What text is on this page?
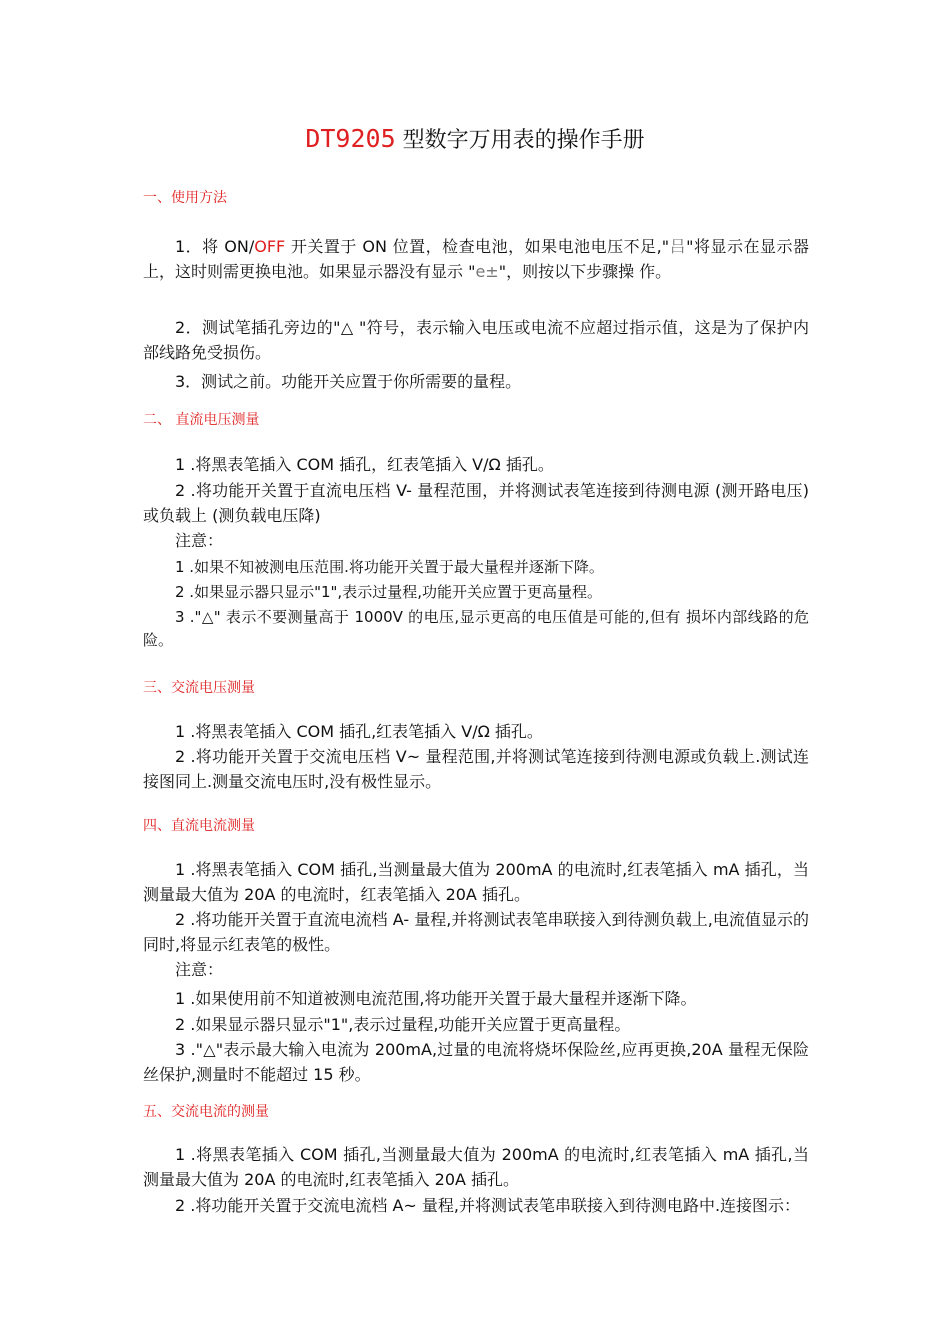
DT9205 型数字万用表的操作手册
一、使用方法
1．将 ON/OFF 开关置于 ON 位置，检查电池，如果电池电压不足,"吕"将显示在显示器上，这时则需更换电池。如果显示器没有显示 "e±"，则按以下步骤操 作。
2．测试笔插孔旁边的"△ "符号，表示输入电压或电流不应超过指示值，这是为了保护内部线路免受损伤。
3．测试之前。功能开关应置于你所需要的量程。
二、 直流电压测量
1 .将黑表笔插入 COM 插孔，红表笔插入 V/Ω 插孔。
2 .将功能开关置于直流电压档 V- 量程范围，并将测试表笔连接到待测电源 (测开路电压) 或负载上 (测负载电压降)
注意：
1 .如果不知被测电压范围.将功能开关置于最大量程并逐渐下降。
2 .如果显示器只显示"1",表示过量程,功能开关应置于更高量程。
3 ."△" 表示不要测量高于 1000V 的电压,显示更高的电压值是可能的,但有 损坏内部线路的危险。
三、交流电压测量
1 .将黑表笔插入 COM 插孔,红表笔插入 V/Ω 插孔。
2 .将功能开关置于交流电压档 V~ 量程范围,并将测试笔连接到待测电源或负载上.测试连接图同上.测量交流电压时,没有极性显示。
四、直流电流测量
1 .将黑表笔插入 COM 插孔,当测量最大值为 200mA 的电流时,红表笔插入 mA 插孔，当测量最大值为 20A 的电流时，红表笔插入 20A 插孔。
2 .将功能开关置于直流电流档 A- 量程,并将测试表笔串联接入到待测负载上,电流值显示的同时,将显示红表笔的极性。
注意：
1 .如果使用前不知道被测电流范围,将功能开关置于最大量程并逐渐下降。
2 .如果显示器只显示"1",表示过量程,功能开关应置于更高量程。
3 ."△"表示最大输入电流为 200mA,过量的电流将烧坏保险丝,应再更换,20A 量程无保险丝保护,测量时不能超过 15 秒。
五、交流电流的测量
1 .将黑表笔插入 COM 插孔,当测量最大值为 200mA 的电流时,红表笔插入 mA 插孔,当测量最大值为 20A 的电流时,红表笔插入 20A 插孔。
2 .将功能开关置于交流电流档 A~ 量程,并将测试表笔串联接入到待测电路中.连接图示：
